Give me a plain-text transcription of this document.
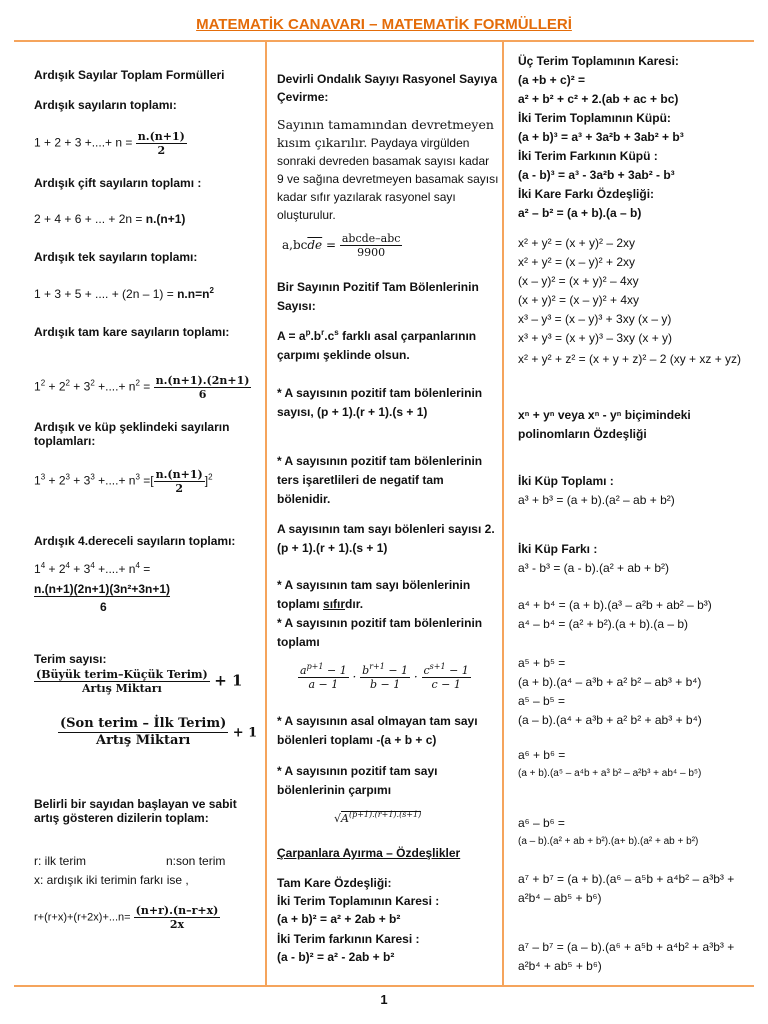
MATEMATİK CANAVARI – MATEMATİK FORMÜLLERİ
1
Ardışık Sayılar Toplam Formülleri
Ardışık sayıların toplamı:
1 + 2 + 3 +....+ $n = \frac{n.(n+1)}{2}$
Ardışık çift sayıların toplamı :
2 + 4 + 6 + ... + 2n = n.(n+1)
Ardışık tek sayıların toplamı:
1 + 3 + 5 + .... + $(2n - 1) = n.n=n^2$
Ardışık tam kare sayıların toplamı:
$1^2 + 2^2 + 3^2$ +....+ $n^2 = \frac{n.(n+1).(2n+1)}{6}$
Ardışık ve küp şeklindeki sayıların toplamları:
$1^3 + 2^3 + 3^3$ +....+ $n^3$ =[ $\frac{n.(n+1)}{2} ]^2$
Ardışık 4.dereceli sayıların toplamı:
$1^4 + 2^4 + 3^4$ +....+ $n^4$ =
n.(n+1)(2n+1)(3n²+3n+1)
6
Terim sayısı:
$\frac{\text{(Büyük terim–Küçük Terim)}}{\text{Artış Miktarı}} + 1$
$\frac{\text{(Son terim – İlk Terim)}}{\text{Artış Miktarı}} + 1$
Belirli bir sayıdan başlayan ve sabit artış gösteren dizilerin toplam:
r: ilk terim	n:son terim
x: ardışık iki terimin farkı ise ,
$r+(r+x)+(r+2x)+...n= \frac{(n+r).(n-r+x)}{2x}$
Devirli Ondalık Sayıyı Rasyonel Sayıya Çevirme:
Sayının tamamından devretmeyen kısım çıkarılır. Paydaya virgülden sonraki devreden basamak sayısı kadar 9 ve sağına devretmeyen basamak sayısı kadar sıfır yazılarak rasyonel sayı oluşturulur.
$a,bc\overline{de} = \frac{\text{abcde–abc}}{9900}$
Bir Sayının Pozitif Tam Bölenlerinin Sayısı:
$A = a^p.b^r.c^s$ farklı asal çarpanlarının çarpımı şeklinde olsun.
* A sayısının pozitif tam bölenlerinin sayısı, (p + 1).(r + 1).(s + 1)
* A sayısının pozitif tam bölenlerinin ters işaretlileri de negatif tam bölenidir.
A sayısının tam sayı bölenleri sayısı 2.(p + 1).(r + 1).(s + 1)
* A sayısının tam sayı bölenlerinin toplamı sıfırdır.
* A sayısının pozitif tam bölenlerinin toplamı
$\frac{a^{p+1} - 1}{a - 1} \cdot \frac{b^{r+1} - 1}{b - 1} \cdot \frac{c^{s+1} - 1}{c - 1}$
* A sayısının asal olmayan tam sayı bölenleri toplamı -(a + b + c)
* A sayısının pozitif tam sayı bölenlerinin çarpımı
$√A^{(p+1).(r+1).(s+1)}$
Çarpanlara Ayırma – Özdeşlikler
Tam Kare Özdeşliği:
İki Terim Toplamının Karesi :
(a + b)² = a² + 2ab + b²
İki Terim farkının Karesi :
(a - b)² = a² - 2ab + b²
Üç Terim Toplamının Karesi:
(a +b + c)² =
a² + b² + c² + 2.(ab + ac + bc)
İki Terim Toplamının Küpü:
(a + b)³ = a³ + 3a²b + 3ab² + b³
İki Terim Farkının Küpü :
(a - b)³ = a³ - 3a²b + 3ab² - b³
İki Kare Farkı Özdeşliği:
a² – b² = (a + b).(a – b)
x² + y² = (x + y)² – 2xy
x² + y² = (x – y)² + 2xy
(x – y)² = (x + y)² – 4xy
(x + y)² = (x – y)² + 4xy
x³ – y³ = (x – y)³ + 3xy (x – y)
x³ + y³ = (x + y)³ – 3xy (x + y)
x² + y² + z² = (x + y + z)² – 2 (xy + xz + yz)
xⁿ + yⁿ veya xⁿ - yⁿ biçimindeki polinomların Özdeşliği
İki Küp Toplamı :
a³ + b³ = (a + b).(a² – ab + b²)
İki Küp Farkı :
a³ - b³ = (a - b).(a² + ab + b²)
a⁴ + b⁴ = (a + b).(a³ – a²b + ab² – b³)
a⁴ – b⁴ = (a² + b²).(a + b).(a – b)
a⁵ + b⁵ =
(a + b).(a⁴ – a³b + a² b² – ab³ + b⁴)
a⁵ – b⁵ =
(a – b).(a⁴ + a³b + a² b² + ab³ + b⁴)
a⁶ + b⁶ =
(a + b).(a⁵ – a⁴b + a³ b² – a²b³ + ab⁴ – b⁵)
a⁶ – b⁶ =
(a – b).(a² + ab + b²).(a+ b).(a² + ab + b²)
a⁷ + b⁷ = (a + b).(a⁶ – a⁵b + a⁴b² – a³b³ + a²b⁴ – ab⁵ + b⁶)
a⁷ – b⁷ = (a – b).(a⁶ + a⁵b + a⁴b² + a³b³ + a²b⁴ + ab⁵ + b⁶)
